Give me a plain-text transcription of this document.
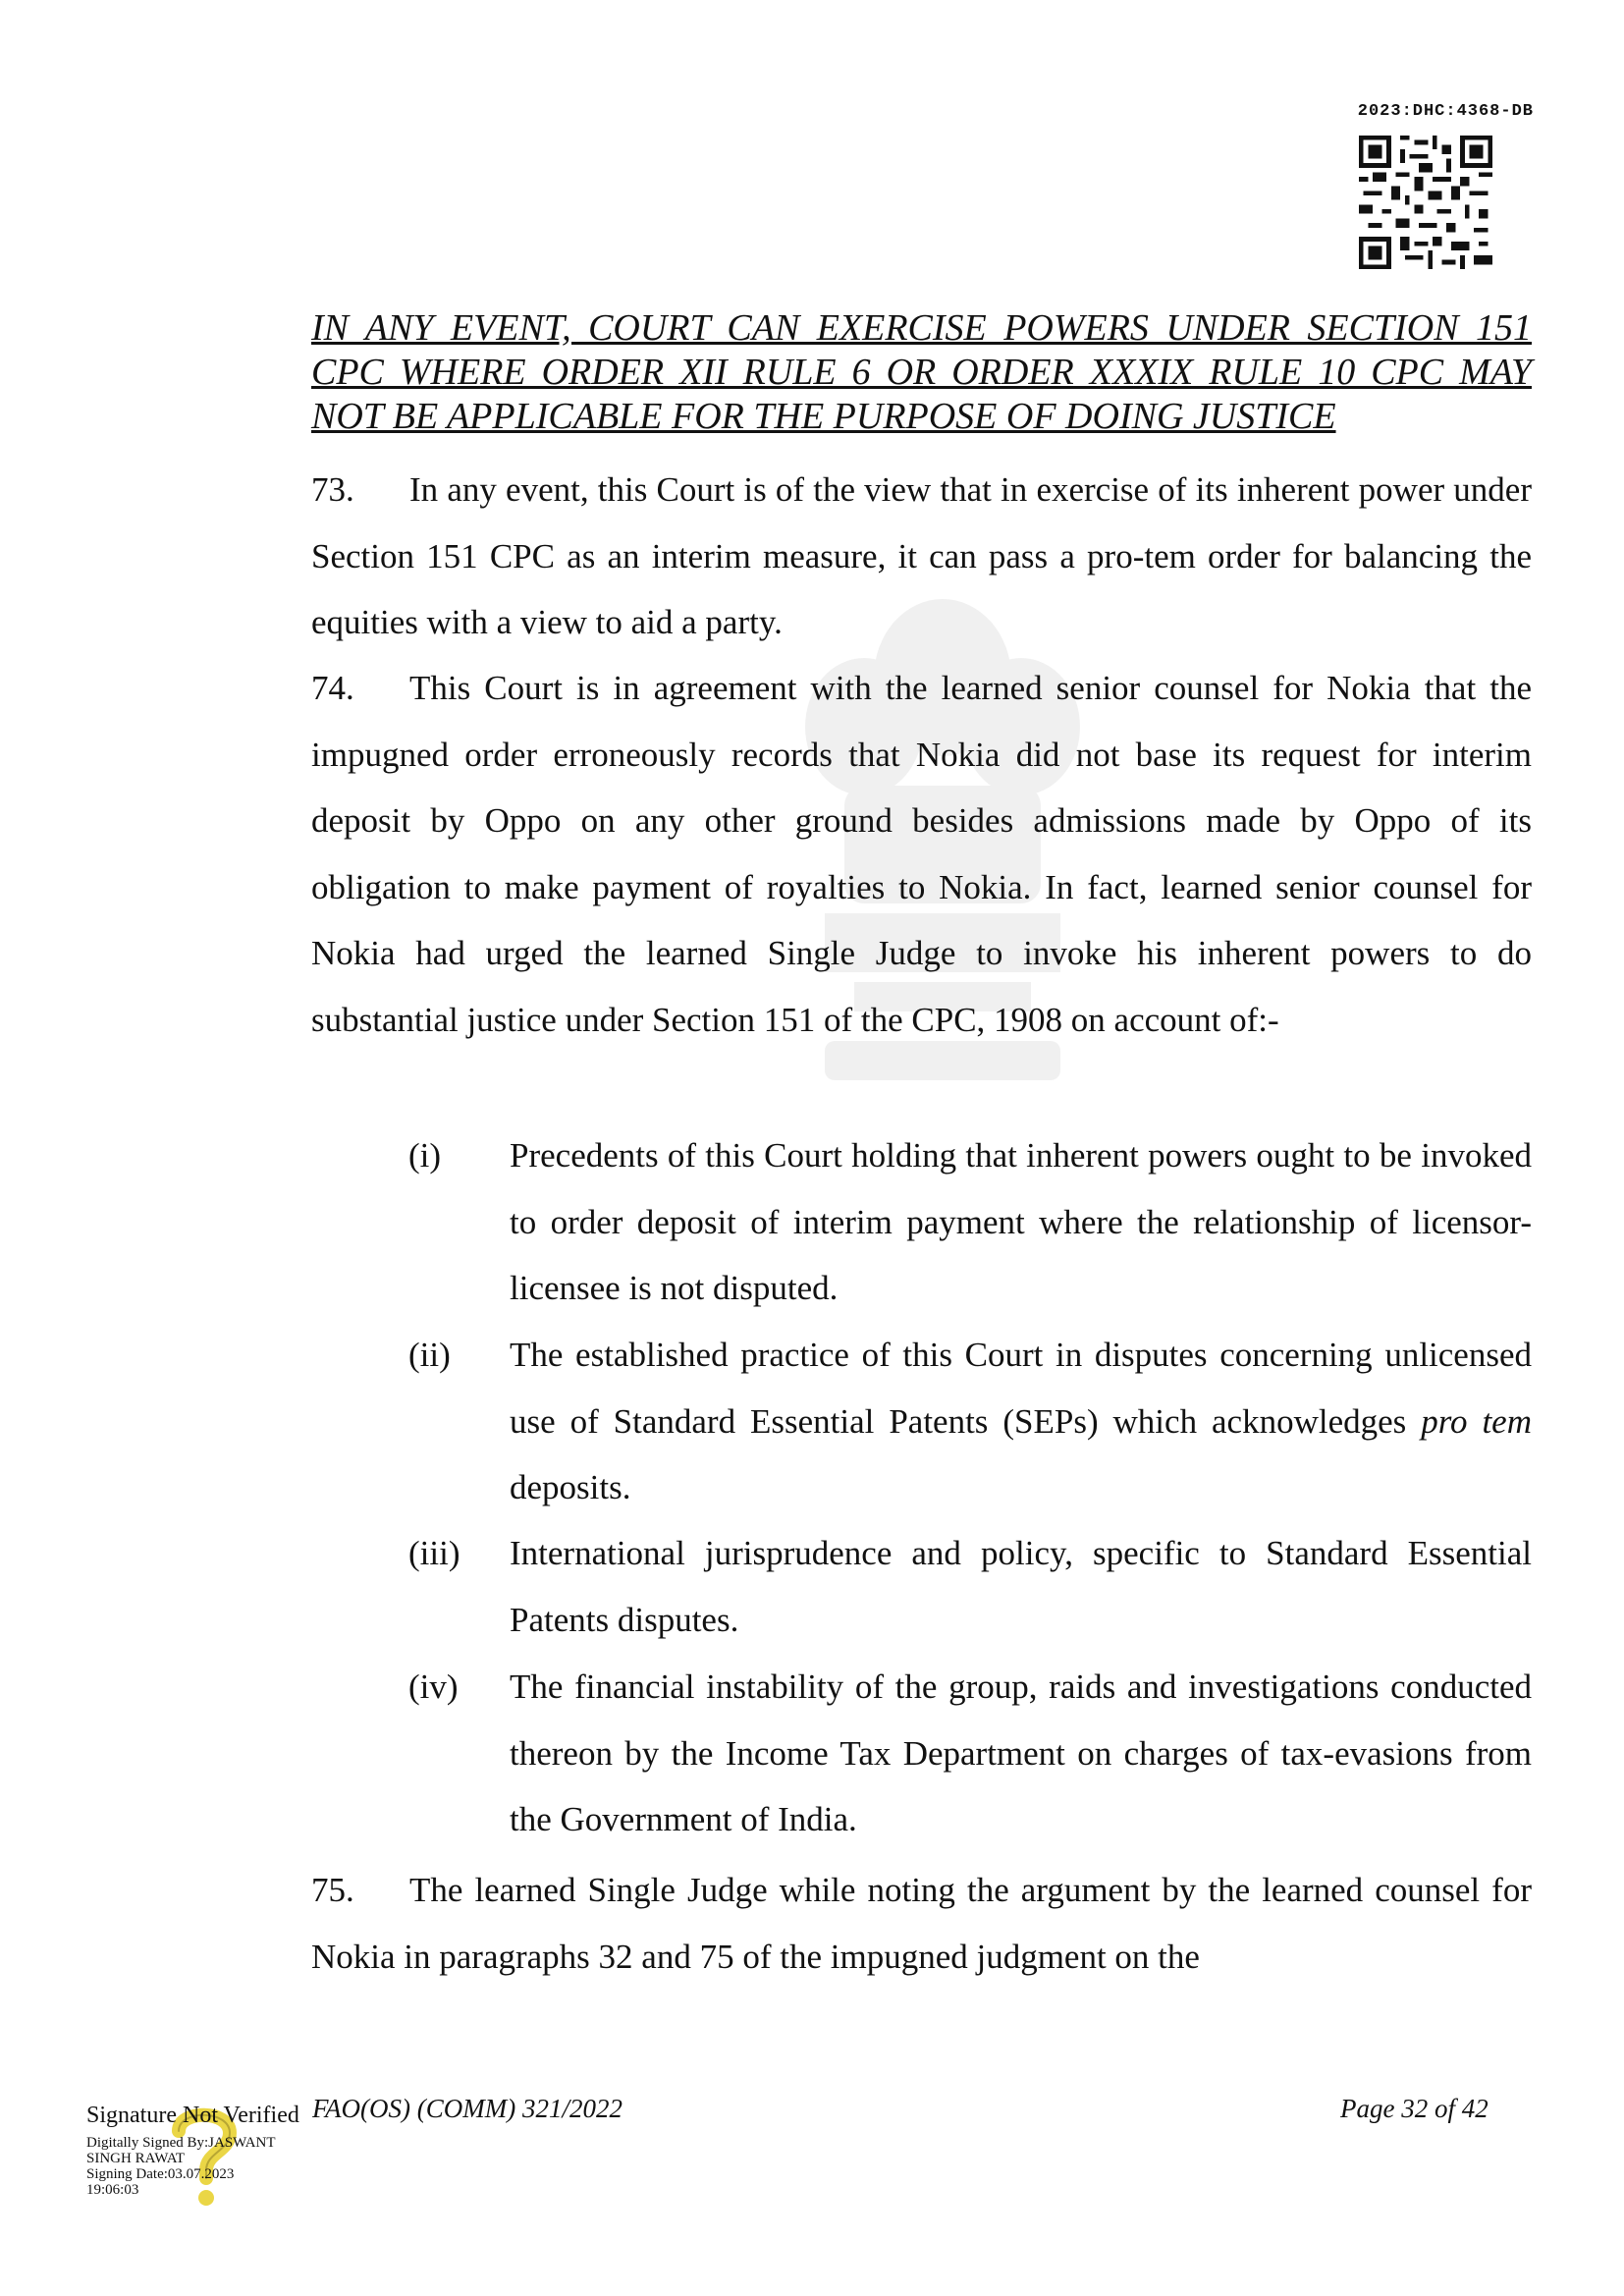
2023:DHC:4368-DB
IN ANY EVENT, COURT CAN EXERCISE POWERS UNDER SECTION 151
CPC WHERE ORDER XII RULE 6 OR ORDER XXXIX RULE 10 CPC MAY
NOT BE APPLICABLE FOR THE PURPOSE OF DOING JUSTICE

73. In any event, this Court is of the view that in exercise of its inherent power under Section 151 CPC as an interim measure, it can pass a pro-tem order for balancing the equities with a view to aid a party.

74. This Court is in agreement with the learned senior counsel for Nokia that the impugned order erroneously records that Nokia did not base its request for interim deposit by Oppo on any other ground besides admissions made by Oppo of its obligation to make payment of royalties to Nokia. In fact, learned senior counsel for Nokia had urged the learned Single Judge to invoke his inherent powers to do substantial justice under Section 151 of the CPC, 1908 on account of:-

(i)	Precedents of this Court holding that inherent powers ought to be invoked to order deposit of interim payment where the relationship of licensor-licensee is not disputed.
(ii)	The established practice of this Court in disputes concerning unlicensed use of Standard Essential Patents (SEPs) which acknowledges pro tem deposits.
(iii)	International jurisprudence and policy, specific to Standard Essential Patents disputes.
(iv)	The financial instability of the group, raids and investigations conducted thereon by the Income Tax Department on charges of tax-evasions from the Government of India.

75. The learned Single Judge while noting the argument by the learned counsel for Nokia in paragraphs 32 and 75 of the impugned judgment on the

FAO(OS) (COMM) 321/2022	Page 32 of 42
Signature Not Verified
Digitally Signed By:JASWANT
SINGH RAWAT
Signing Date:03.07.2023
19:06:03
